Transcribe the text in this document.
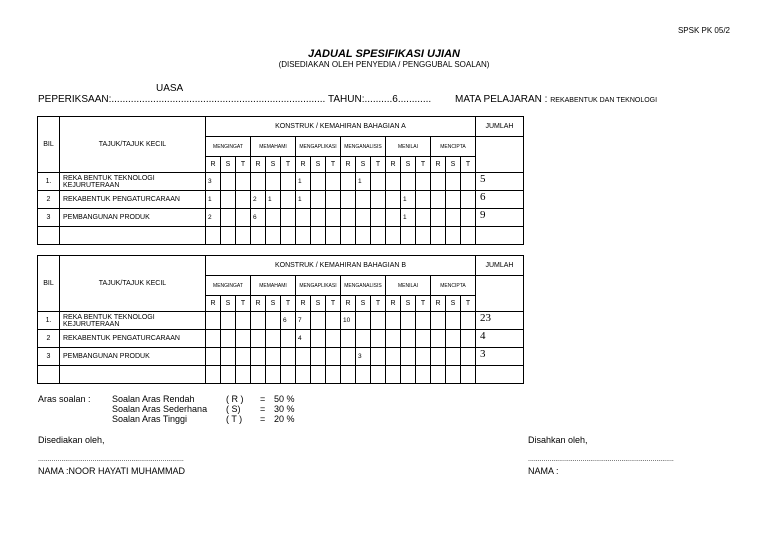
SPSK PK 05/2
JADUAL SPESIFIKASI UJIAN
(DISEDIAKAN OLEH PENYEDIA / PENGGUBAL SOALAN)
UASA
PEPERIKSAAN:............................................................................. TAHUN:..........6............ MATA PELAJARAN : REKABENTUK DAN TEKNOLOGI
BIL	TAJUK/TAJUK KECIL	KONSTRUK / KEMAHIRAN BAHAGIAN A																		JUMLAH
		MENGINGAT			MEMAHAMI			MENGAPLIKASI			MENGANALISIS			MENILAI			MENCIPTA			
		R	S	T	R	S	T	R	S	T	R	S	T	R	S	T	R	S	T	
1.	REKA BENTUK TEKNOLOGI KEJURUTERAAN	3						1				1								5
2	REKABENTUK PENGATURCARAAN	1			2	1		1							1					6
3	PEMBANGUNAN PRODUK	2			6										1					9

BIL	TAJUK/TAJUK KECIL	KONSTRUK / KEMAHIRAN BAHAGIAN B																		JUMLAH
		MENGINGAT			MEMAHAMI			MENGAPLIKASI			MENGANALISIS			MENILAI			MENCIPTA			
		R	S	T	R	S	T	R	S	T	R	S	T	R	S	T	R	S	T	
1.	REKA BENTUK TEKNOLOGI KEJURUTERAAN						6	7			10									23
2	REKABENTUK PENGATURCARAAN							4												4
3	PEMBANGUNAN PRODUK											3								3

Aras soalan : Soalan Aras Rendah	( R ) = 50 %
Soalan Aras Sederhana ( S) = 30 %
Soalan Aras Tinggi	( T ) = 20 %
Disediakan oleh,	Disahkan oleh,
...........................................................................	...........................................................................
NAMA :NOOR HAYATI MUHAMMAD	NAMA :
